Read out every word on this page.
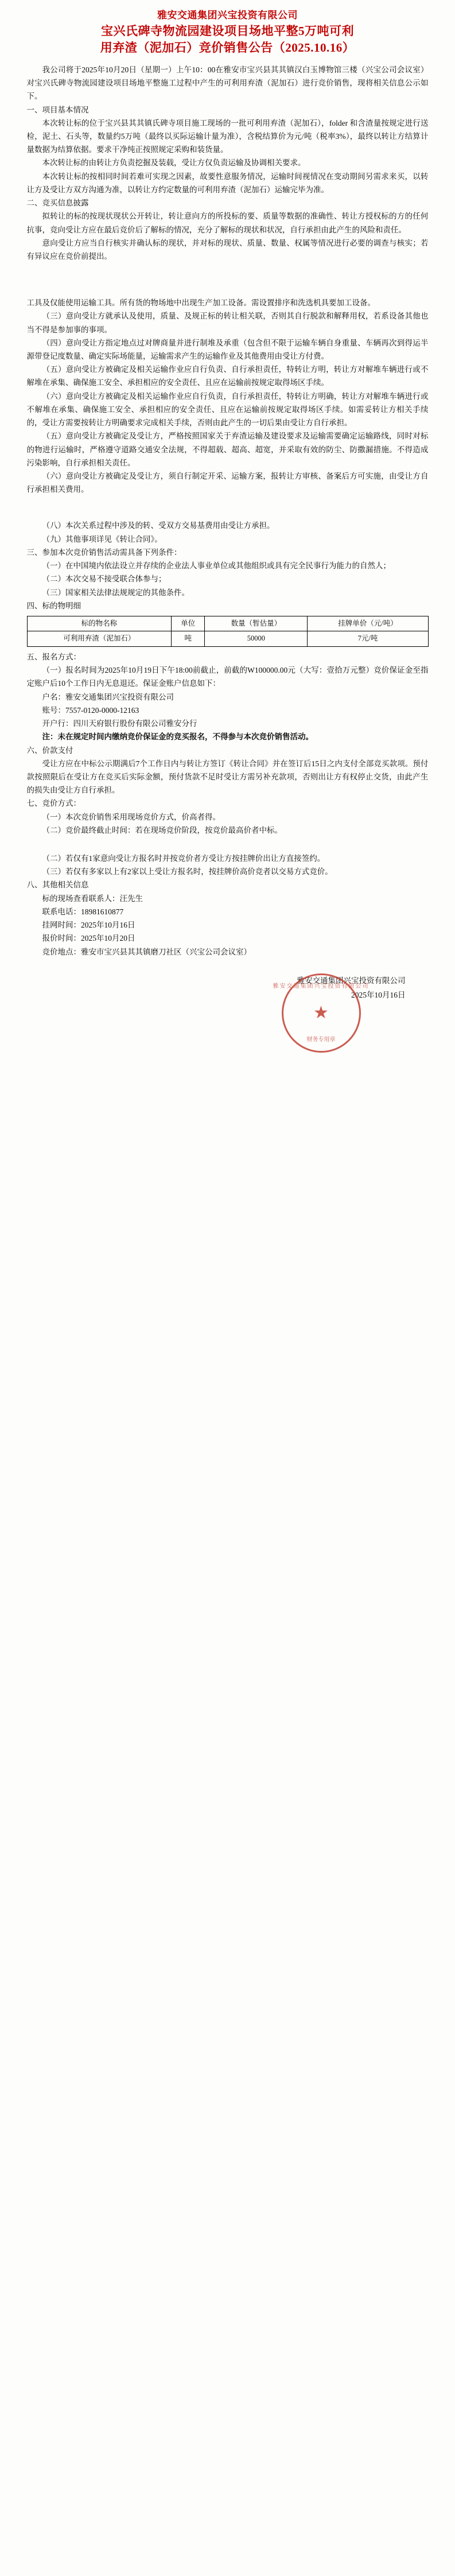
雅安交通集团兴宝投资有限公司
宝兴氏碑寺物流园建设项目场地平整5万吨可利
用弃渣（泥加石）竞价销售公告（2025.10.16）

我公司将于2025年10月20日（星期一）上午10：00在雅安市宝兴县其其镇汉白玉博物馆三楼（兴宝公司会议室）对宝兴氏碑寺物流园建设项目场地平整施工过程中产生的可利用弃渣（泥加石）进行竞价销售，现将相关信息公示如下。

一、项目基本情况

本次转让标的位于宝兴县其其镇氏碑寺项目施工现场的一批可利用弃渣（泥加石），folder 和含渣量按规定进行送检，泥土、石头等，数量约5万吨（最终以买际运输计量为准），含税结算价为元/吨（税率3%），最终以转让方结算计量数据为结算依据。要求干净纯正按照规定采购和装货量。

本次转让标的由转让方负责挖掘及装载，受让方仅负责运输及协调相关要求。

本次转让标的按相同时间若难可实现之因素，故要性意服务情况，运输时间视情况在变动期间另需求来买，以转让方及受让方双方沟通为准，以转让方约定数量的可利用弃渣（泥加石）运输完毕为准。

二、竞买信息披露

拟转让的标的按现状现状公开转让，转让意向方的所投标的要、质量等数据的准确性、转让方授权标的方的任何抗事，竞向受让方应在最后竞价后了解标的情况，充分了解标的现状和状况，自行承担由此产生的风险和责任。

意向受让方应当自行核实并确认标的现状，并对标的现状、质量、数量、权属等情况进行必要的调查与核实；若有异议应在竞价前提出。

工具及仅能使用运输工具。所有货的物场地中出现生产加工设备。需设置排序和洗选机具要加工设备。

（三）意向受让方就承认及使用，质量、及规正标的转让相关联，否则其自行脱款和解释用权，若系设备其他也当不得是参加事的事项。

（四）意向受让方指定地点过对牌商量并进行制堆及承重（包含但不限于运输车辆自身重量、车辆再次到得运半源带登记度数量、确定实际场能量，运输需求产生的运输作业及其他费用由受让方付费。

（五）意向受让方被确定及相关运输作业应自行负责、自行承担责任，特转让方明，转让方对解堆车辆进行或不解堆在承集、确保施工安全、承担相应的安全责任、且应在运输前按规定取得场区手续。

（六）意向受让方被确定及相关运输作业应自行负责，自行承担责任，特转让方明确，转让方对解堆车辆进行或不解堆在承集、确保施工安全、承担相应的安全责任、且应在运输前按规定取得场区手续。如需妥转让方相关手续的，受让方需要按转让方明确要求完成相关手续，否则由此产生的一切后果由受让方自行承担。

（五）意向受让方被确定及受让方，严格按照国家关于弃渣运输及建设要求及运输需要确定运输路线，同时对标的物进行运输时，严格遵守道路交通安全法规，不得超载、超高、超宽，并采取有效的防尘、防撒漏措施。不得造成污染影响，自行承担相关责任。

（六）意向受让方被确定及受让方，须自行制定开采、运输方案，报转让方审核、备案后方可实施，由受让方自行承担相关费用。

（八）本次关系过程中涉及的转、受双方交易基费用由受让方承担。

（九）其他事项详见《转让合同》。

三、参加本次竞价销售活动需具备下列条件：

（一）在中国境内依法设立并存续的企业法人事业单位或其他组织或具有完全民事行为能力的自然人；

（二）本次交易不接受联合体参与；

（三）国家相关法律法规规定的其他条件。

四、标的物明细

标的物名称	单位	数量（暂估量）	挂牌单价（元/吨）
可利用弃渣（泥加石）	吨	50000	7元/吨

五、报名方式：

（一）报名时间为2025年10月19日下午18:00前截止，前截的W100000.00元（大写：壹拾万元整）竞价保证金至指定账户后10个工作日内无息退还。保证金账户信息如下：

户名：雅安交通集团兴宝投资有限公司

账号：7557-0120-0000-12163

开户行：四川天府银行股份有限公司雅安分行

注：未在规定时间内缴纳竞价保证金的竞买报名，不得参与本次竞价销售活动。

六、价款支付

受让方应在中标公示期满后7个工作日内与转让方签订《转让合同》并在签订后15日之内支付全部竞买款项。预付款按照限后在受让方在竞买后实际金额，预付货款不足时受让方需另补充款项，否则出让方有权停止交货，由此产生的损失由受让方自行承担。

七、竞价方式：

（一）本次竞价销售采用现场竞价方式，价高者得。

（二）竞价最终截止时间：若在现场竞价阶段，按竞价最高价者中标。

（二）若仅有1家意向受让方报名时并按竞价者方受让方按挂牌价出让方直接签约。

（三）若仅有多家以上有2家以上受让方报名时，按挂牌价高价竞者以交易方式竞价。

八、其他相关信息

标的现场查看联系人：汪先生

联系电话：18981610877

挂网时间：2025年10月16日

报价时间：2025年10月20日

竞价地点：雅安市宝兴县其其镇磨刀社区（兴宝公司会议室）

雅安交通集团兴宝投资有限公司
★
财务专用章
雅安交通集团兴宝投资有限公司
2025年10月16日
